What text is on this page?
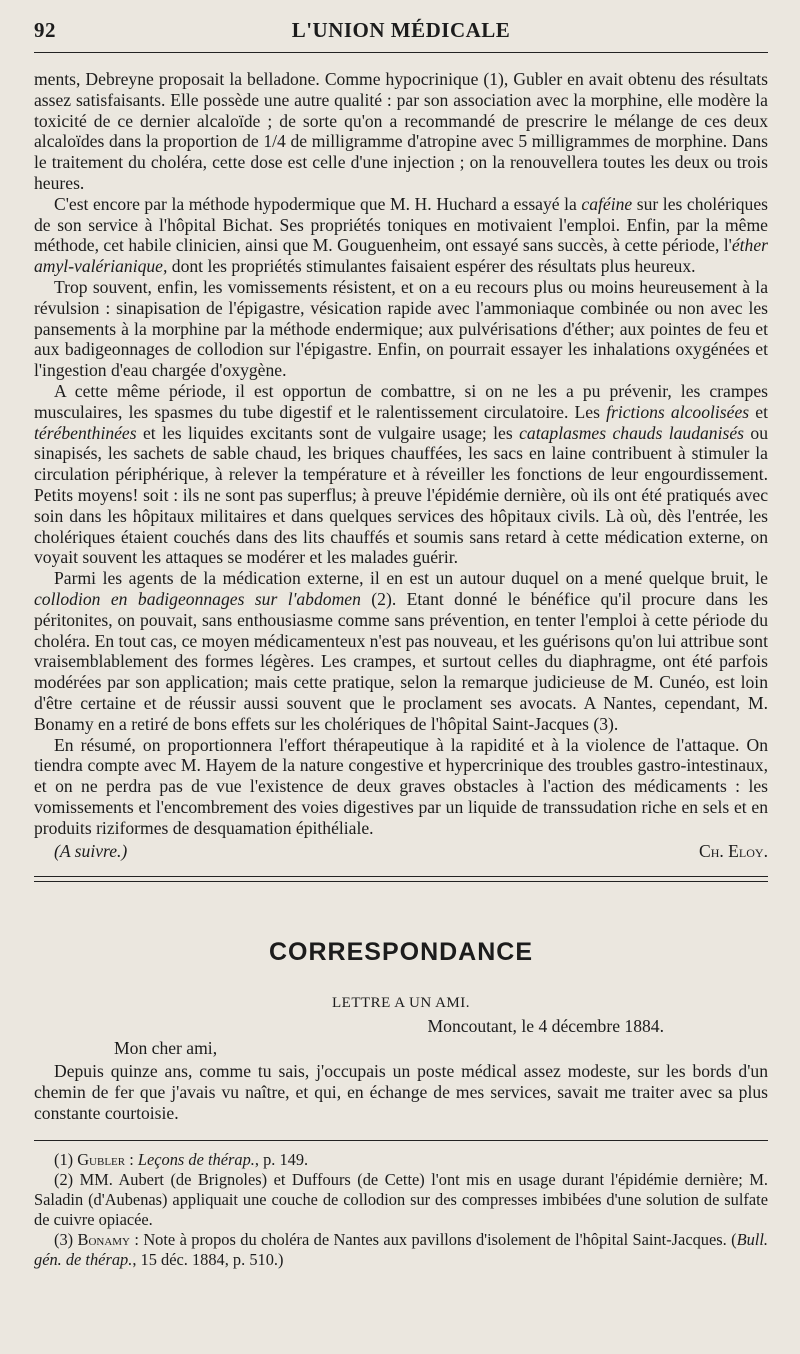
92	L'UNION MÉDICALE

ments, Debreyne proposait la belladone. Comme hypocrinique (1), Gubler en avait obtenu des résultats assez satisfaisants. Elle possède une autre qualité : par son association avec la morphine, elle modère la toxicité de ce dernier alcaloïde ; de sorte qu'on a recommandé de prescrire le mélange de ces deux alcaloïdes dans la proportion de 1/4 de milligramme d'atropine avec 5 milligrammes de morphine. Dans le traitement du choléra, cette dose est celle d'une injection ; on la renouvellera toutes les deux ou trois heures.

C'est encore par la méthode hypodermique que M. H. Huchard a essayé la caféine sur les cholériques de son service à l'hôpital Bichat. Ses propriétés toniques en motivaient l'emploi. Enfin, par la même méthode, cet habile clinicien, ainsi que M. Gouguenheim, ont essayé sans succès, à cette période, l'éther amyl-valérianique, dont les propriétés stimulantes faisaient espérer des résultats plus heureux.

Trop souvent, enfin, les vomissements résistent, et on a eu recours plus ou moins heureusement à la révulsion : sinapisation de l'épigastre, vésication rapide avec l'ammoniaque combinée ou non avec les pansements à la morphine par la méthode endermique; aux pulvérisations d'éther; aux pointes de feu et aux badigeonnages de collodion sur l'épigastre. Enfin, on pourrait essayer les inhalations oxygénées et l'ingestion d'eau chargée d'oxygène.

A cette même période, il est opportun de combattre, si on ne les a pu prévenir, les crampes musculaires, les spasmes du tube digestif et le ralentissement circulatoire. Les frictions alcoolisées et térébenthinées et les liquides excitants sont de vulgaire usage; les cataplasmes chauds laudanisés ou sinapisés, les sachets de sable chaud, les briques chauffées, les sacs en laine contribuent à stimuler la circulation périphérique, à relever la température et à réveiller les fonctions de leur engourdissement. Petits moyens! soit : ils ne sont pas superflus; à preuve l'épidémie dernière, où ils ont été pratiqués avec soin dans les hôpitaux militaires et dans quelques services des hôpitaux civils. Là où, dès l'entrée, les cholériques étaient couchés dans des lits chauffés et soumis sans retard à cette médication externe, on voyait souvent les attaques se modérer et les malades guérir.

Parmi les agents de la médication externe, il en est un autour duquel on a mené quelque bruit, le collodion en badigeonnages sur l'abdomen (2). Etant donné le bénéfice qu'il procure dans les péritonites, on pouvait, sans enthousiasme comme sans prévention, en tenter l'emploi à cette période du choléra. En tout cas, ce moyen médicamenteux n'est pas nouveau, et les guérisons qu'on lui attribue sont vraisemblablement des formes légères. Les crampes, et surtout celles du diaphragme, ont été parfois modérées par son application; mais cette pratique, selon la remarque judicieuse de M. Cunéo, est loin d'être certaine et de réussir aussi souvent que le proclament ses avocats. A Nantes, cependant, M. Bonamy en a retiré de bons effets sur les cholériques de l'hôpital Saint-Jacques (3).

En résumé, on proportionnera l'effort thérapeutique à la rapidité et à la violence de l'attaque. On tiendra compte avec M. Hayem de la nature congestive et hypercrinique des troubles gastro-intestinaux, et on ne perdra pas de vue l'existence de deux graves obstacles à l'action des médicaments : les vomissements et l'encombrement des voies digestives par un liquide de transsudation riche en sels et en produits riziformes de desquamation épithéliale.

(A suivre.)	Ch. Eloy.
CORRESPONDANCE
LETTRE A UN AMI.
Moncoutant, le 4 décembre 1884.
Mon cher ami,

Depuis quinze ans, comme tu sais, j'occupais un poste médical assez modeste, sur les bords d'un chemin de fer que j'avais vu naître, et qui, en échange de mes services, savait me traiter avec sa plus constante courtoisie.

(1) Gubler : Leçons de thérap., p. 149.

(2) MM. Aubert (de Brignoles) et Duffours (de Cette) l'ont mis en usage durant l'épidémie dernière; M. Saladin (d'Aubenas) appliquait une couche de collodion sur des compresses imbibées d'une solution de sulfate de cuivre opiacée.

(3) Bonamy : Note à propos du choléra de Nantes aux pavillons d'isolement de l'hôpital Saint-Jacques. (Bull. gén. de thérap., 15 déc. 1884, p. 510.)
